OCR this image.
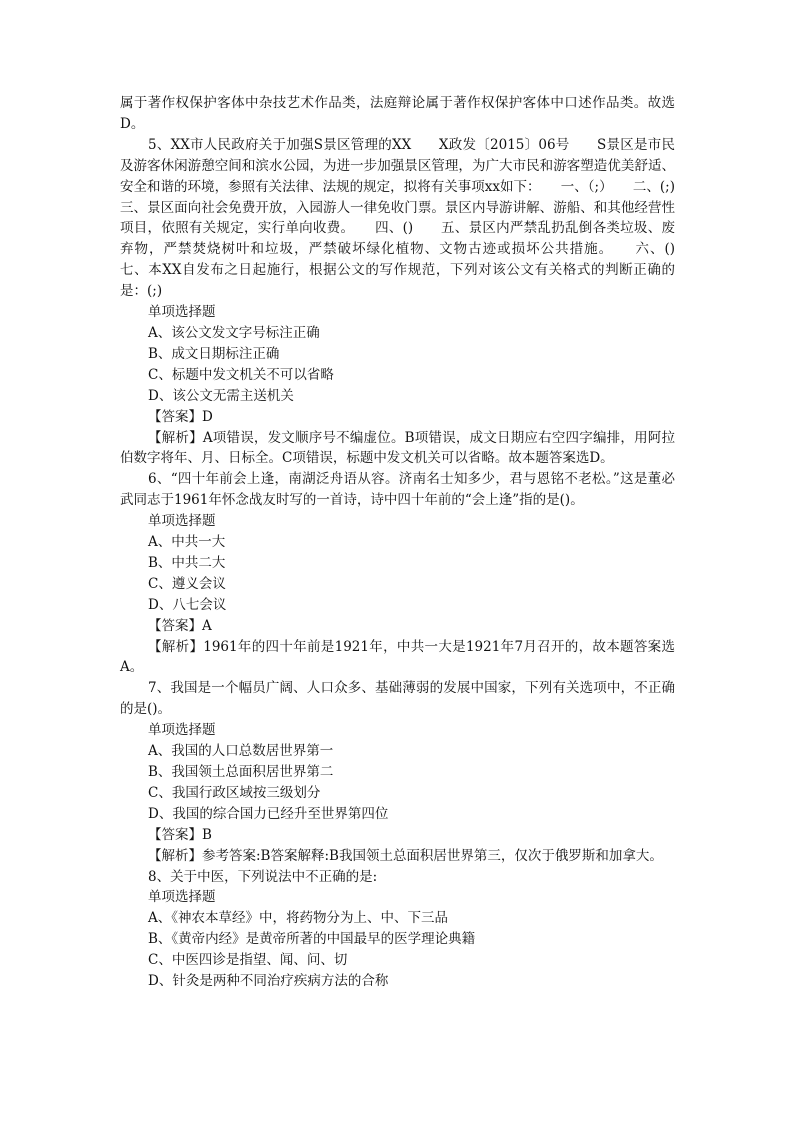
属于著作权保护客体中杂技艺术作品类，法庭辩论属于著作权保护客体中口述作品类。故选D。

5、XX市人民政府关于加强S景区管理的XX　　X政发〔2015〕06号　　S景区是市民及游客休闲游憩空间和滨水公园，为进一步加强景区管理，为广大市民和游客塑造优美舒适、安全和谐的环境，参照有关法律、法规的规定，拟将有关事项xx如下：　　一、（;）　　二、(;)　　三、景区面向社会免费开放，入园游人一律免收门票。景区内导游讲解、游船、和其他经营性项目，依照有关规定，实行单向收费。　　四、()　　五、景区内严禁乱扔乱倒各类垃圾、废弃物，严禁焚烧树叶和垃圾，严禁破坏绿化植物、文物古迹或损坏公共措施。　　六、()　　七、本XX自发布之日起施行，根据公文的写作规范，下列对该公文有关格式的判断正确的是：(;)

单项选择题

A、该公文发文字号标注正确

B、成文日期标注正确

C、标题中发文机关不可以省略

D、该公文无需主送机关

【答案】D

【解析】A项错误，发文顺序号不编虚位。B项错误，成文日期应右空四字编排，用阿拉伯数字将年、月、日标全。C项错误，标题中发文机关可以省略。故本题答案选D。

6、“四十年前会上逢，南湖泛舟语从容。济南名士知多少，君与恩铭不老松。”这是董必武同志于1961年怀念战友时写的一首诗，诗中四十年前的“会上逢”指的是()。

单项选择题

A、中共一大

B、中共二大

C、遵义会议

D、八七会议

【答案】A

【解析】1961年的四十年前是1921年，中共一大是1921年7月召开的，故本题答案选A。

7、我国是一个幅员广阔、人口众多、基础薄弱的发展中国家，下列有关选项中，不正确的是()。

单项选择题

A、我国的人口总数居世界第一

B、我国领土总面积居世界第二

C、我国行政区域按三级划分

D、我国的综合国力已经升至世界第四位

【答案】B

【解析】参考答案:B答案解释:B我国领土总面积居世界第三，仅次于俄罗斯和加拿大。

8、关于中医，下列说法中不正确的是:

单项选择题

A、《神农本草经》中，将药物分为上、中、下三品

B、《黄帝内经》是黄帝所著的中国最早的医学理论典籍

C、中医四诊是指望、闻、问、切

D、针灸是两种不同治疗疾病方法的合称
